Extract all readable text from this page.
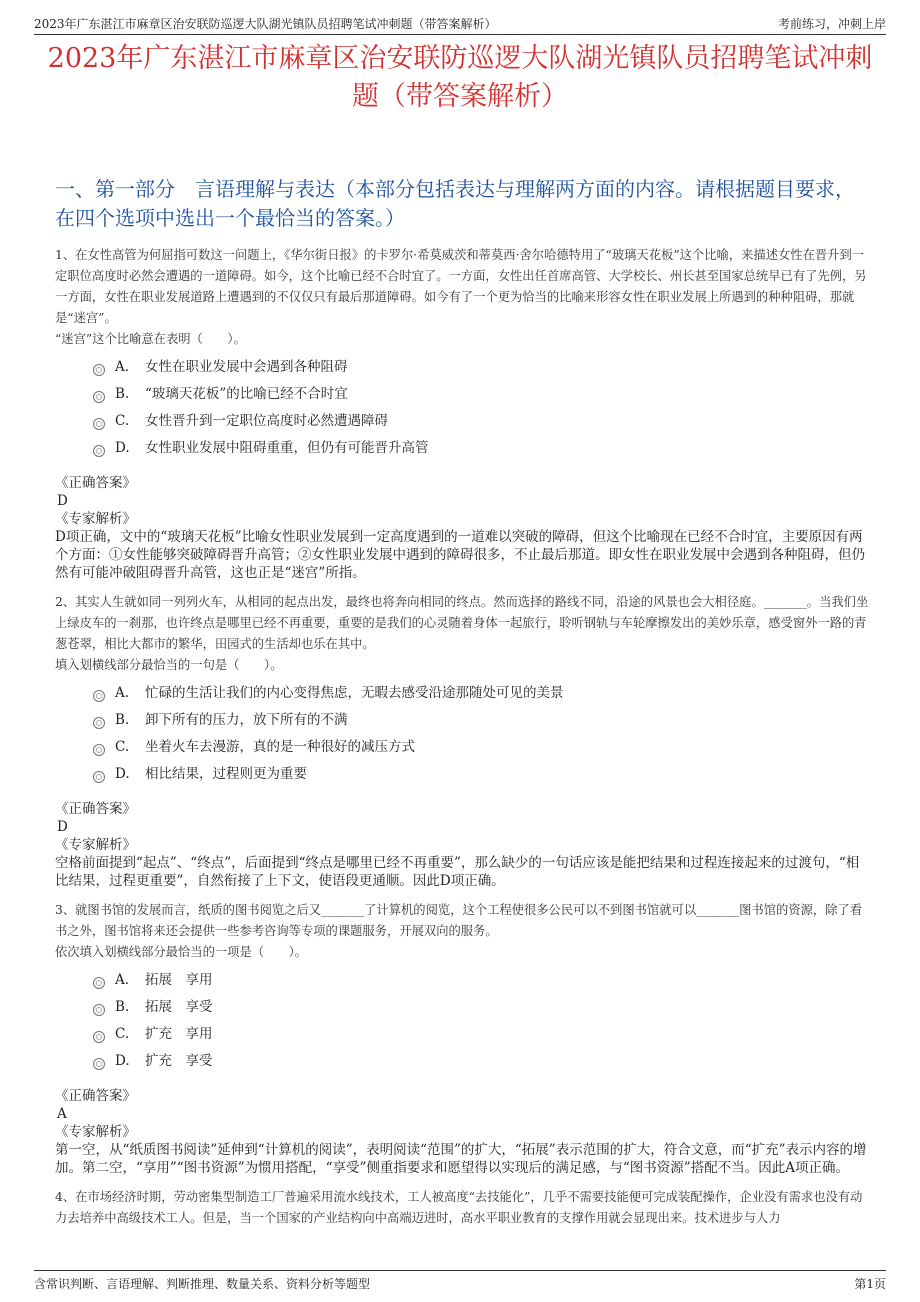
2023年广东湛江市麻章区治安联防巡逻大队湖光镇队员招聘笔试冲刺题（带答案解析）	考前练习，冲刺上岸
2023年广东湛江市麻章区治安联防巡逻大队湖光镇队员招聘笔试冲刺题（带答案解析）
一、第一部分　言语理解与表达（本部分包括表达与理解两方面的内容。请根据题目要求，在四个选项中选出一个最恰当的答案。）
1、在女性高管为何屈指可数这一问题上，《华尔街日报》的卡罗尔·希莫威茨和蒂莫西·舍尔哈德特用了“玻璃天花板”这个比喻，来描述女性在晋升到一定职位高度时必然会遭遇的一道障碍。如今，这个比喻已经不合时宜了。一方面，女性出任首席高管、大学校长、州长甚至国家总统早已有了先例，另一方面，女性在职业发展道路上遭遇到的不仅仅只有最后那道障碍。如今有了一个更为恰当的比喻来形容女性在职业发展上所遇到的种种阻碍，那就是“迷宫”。
“迷宫”这个比喻意在表明（　　）。
A.	女性在职业发展中会遇到各种阻碍
B.	“玻璃天花板”的比喻已经不合时宜
C.	女性晋升到一定职位高度时必然遭遇障碍
D.	女性职业发展中阻碍重重，但仍有可能晋升高管
《正确答案》
D
《专家解析》
D项正确，文中的“玻璃天花板”比喻女性职业发展到一定高度遇到的一道难以突破的障碍，但这个比喻现在已经不合时宜，主要原因有两个方面：①女性能够突破障碍晋升高管；②女性职业发展中遇到的障碍很多，不止最后那道。即女性在职业发展中会遇到各种阻碍，但仍然有可能冲破阻碍晋升高管，这也正是“迷宫”所指。
2、其实人生就如同一列列火车，从相同的起点出发，最终也将奔向相同的终点。然而选择的路线不同，沿途的风景也会大相径庭。_______。当我们坐上绿皮车的一刹那，也许终点是哪里已经不再重要，重要的是我们的心灵随着身体一起旅行，聆听钢轨与车轮摩擦发出的美妙乐章，感受窗外一路的青葱苍翠，相比大都市的繁华，田园式的生活却也乐在其中。
填入划横线部分最恰当的一句是（　　）。
A.	忙碌的生活让我们的内心变得焦虑，无暇去感受沿途那随处可见的美景
B.	卸下所有的压力，放下所有的不满
C.	坐着火车去漫游，真的是一种很好的减压方式
D.	相比结果，过程则更为重要
《正确答案》
D
《专家解析》
空格前面提到“起点”、“终点”，后面提到“终点是哪里已经不再重要”，那么缺少的一句话应该是能把结果和过程连接起来的过渡句，“相比结果，过程更重要”，自然衔接了上下文，使语段更通顺。因此D项正确。
3、就图书馆的发展而言，纸质的图书阅览之后又_______了计算机的阅览，这个工程使很多公民可以不到图书馆就可以_______图书馆的资源，除了看书之外，图书馆将来还会提供一些参考咨询等专项的课题服务，开展双向的服务。
依次填入划横线部分最恰当的一项是（　　）。
A.	拓展　享用
B.	拓展　享受
C.	扩充　享用
D.	扩充　享受
《正确答案》
A
《专家解析》
第一空，从“纸质图书阅读”延伸到“计算机的阅读”，表明阅读“范围”的扩大，“拓展”表示范围的扩大，符合文意，而“扩充”表示内容的增加。第二空，“享用”“图书资源”为惯用搭配，“享受”侧重指要求和愿望得以实现后的满足感，与“图书资源”搭配不当。因此A项正确。
4、在市场经济时期，劳动密集型制造工厂普遍采用流水线技术，工人被高度“去技能化”，几乎不需要技能便可完成装配操作，企业没有需求也没有动力去培养中高级技术工人。但是，当一个国家的产业结构向中高端迈进时，高水平职业教育的支撑作用就会显现出来。技术进步与人力
含常识判断、言语理解、判断推理、数量关系、资料分析等题型	第1页
